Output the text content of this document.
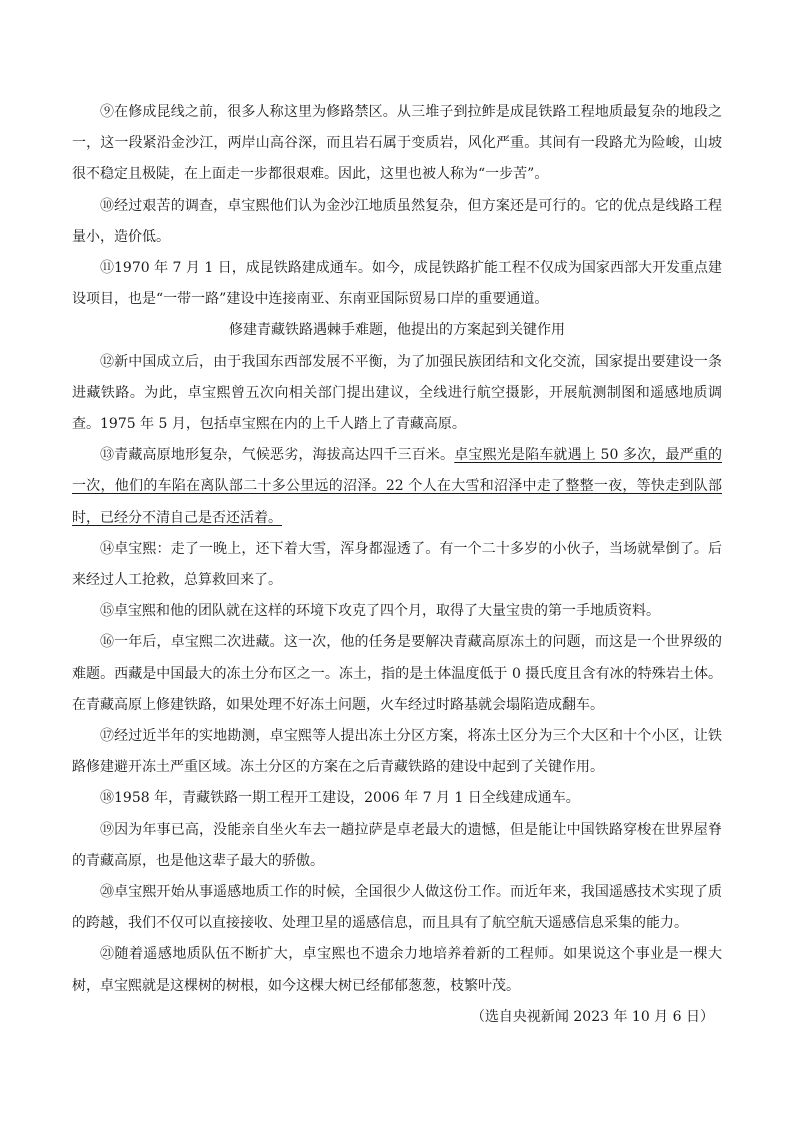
⑨在修成昆线之前，很多人称这里为修路禁区。从三堆子到拉鲊是成昆铁路工程地质最复杂的地段之一，这一段紧沿金沙江，两岸山高谷深，而且岩石属于变质岩，风化严重。其间有一段路尤为险峻，山坡很不稳定且极陡，在上面走一步都很艰难。因此，这里也被人称为“一步苦”。

⑩经过艰苦的调查，卓宝熙他们认为金沙江地质虽然复杂，但方案还是可行的。它的优点是线路工程量小，造价低。

⑪1970 年 7 月 1 日，成昆铁路建成通车。如今，成昆铁路扩能工程不仅成为国家西部大开发重点建设项目，也是“一带一路”建设中连接南亚、东南亚国际贸易口岸的重要通道。

修建青藏铁路遇棘手难题，他提出的方案起到关键作用

⑫新中国成立后，由于我国东西部发展不平衡，为了加强民族团结和文化交流，国家提出要建设一条进藏铁路。为此，卓宝熙曾五次向相关部门提出建议，全线进行航空摄影，开展航测制图和遥感地质调查。1975 年 5 月，包括卓宝熙在内的上千人踏上了青藏高原。

⑬青藏高原地形复杂，气候恶劣，海拔高达四千三百米。卓宝熙光是陷车就遇上 50 多次，最严重的一次，他们的车陷在离队部二十多公里远的沼泽。22 个人在大雪和沼泽中走了整整一夜，等快走到队部时，已经分不清自己是否还活着。

⑭卓宝熙：走了一晚上，还下着大雪，浑身都湿透了。有一个二十多岁的小伙子，当场就晕倒了。后来经过人工抢救，总算救回来了。

⑮卓宝熙和他的团队就在这样的环境下攻克了四个月，取得了大量宝贵的第一手地质资料。

⑯一年后，卓宝熙二次进藏。这一次，他的任务是要解决青藏高原冻土的问题，而这是一个世界级的难题。西藏是中国最大的冻土分布区之一。冻土，指的是土体温度低于 0 摄氏度且含有冰的特殊岩土体。在青藏高原上修建铁路，如果处理不好冻土问题，火车经过时路基就会塌陷造成翻车。

⑰经过近半年的实地勘测，卓宝熙等人提出冻土分区方案，将冻土区分为三个大区和十个小区，让铁路修建避开冻土严重区域。冻土分区的方案在之后青藏铁路的建设中起到了关键作用。

⑱1958 年，青藏铁路一期工程开工建设，2006 年 7 月 1 日全线建成通车。

⑲因为年事已高，没能亲自坐火车去一趟拉萨是卓老最大的遗憾，但是能让中国铁路穿梭在世界屋脊的青藏高原，也是他这辈子最大的骄傲。

⑳卓宝熙开始从事遥感地质工作的时候，全国很少人做这份工作。而近年来，我国遥感技术实现了质的跨越，我们不仅可以直接接收、处理卫星的遥感信息，而且具有了航空航天遥感信息采集的能力。

㉑随着遥感地质队伍不断扩大，卓宝熙也不遗余力地培养着新的工程师。如果说这个事业是一棵大树，卓宝熙就是这棵树的树根，如今这棵大树已经郁郁葱葱，枝繁叶茂。

（选自央视新闻 2023 年 10 月 6 日）
